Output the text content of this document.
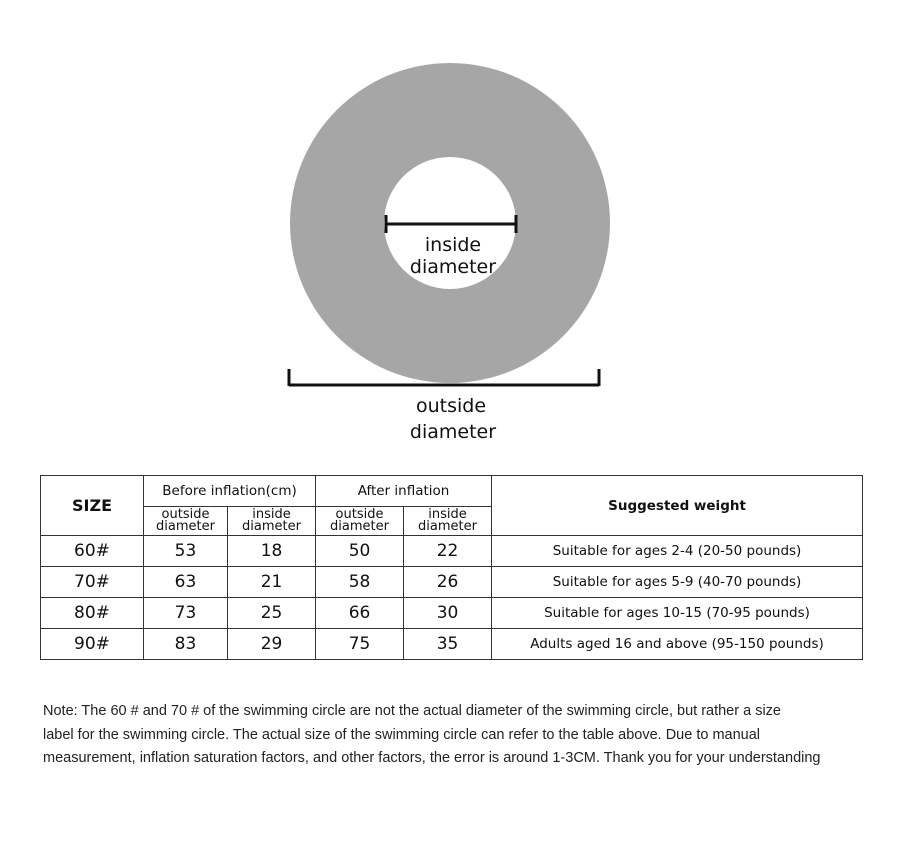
inside
diameter
outside
diameter
SIZE	Before inflation(cm)		After inflation		Suggested weight
	outside
diameter	inside
diameter	outside
diameter	inside
diameter	
60#	53	18	50	22	Suitable for ages 2-4 (20-50 pounds)
70#	63	21	58	26	Suitable for ages 5-9 (40-70 pounds)
80#	73	25	66	30	Suitable for ages 10-15 (70-95 pounds)
90#	83	29	75	35	Adults aged 16 and above (95-150 pounds)

Note: The 60 # and 70 # of the swimming circle are not the actual diameter of the swimming circle, but rather a size
label for the swimming circle. The actual size of the swimming circle can refer to the table above. Due to manual
measurement, inflation saturation factors, and other factors, the error is around 1-3CM. Thank you for your understanding
